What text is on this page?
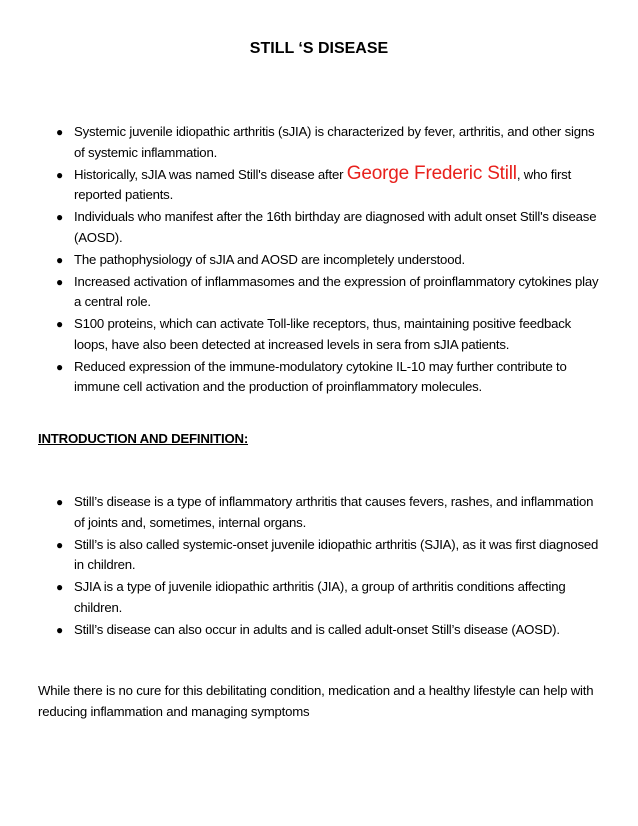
STILL ‘S DISEASE
● Systemic juvenile idiopathic arthritis (sJIA) is characterized by fever, arthritis, and other signs of systemic inflammation.
● Historically, sJIA was named Still's disease after George Frederic Still, who first reported patients.
● Individuals who manifest after the 16th birthday are diagnosed with adult onset Still's disease (AOSD).
● The pathophysiology of sJIA and AOSD are incompletely understood.
● Increased activation of inflammasomes and the expression of proinflammatory cytokines play a central role.
● S100 proteins, which can activate Toll-like receptors, thus, maintaining positive feedback loops, have also been detected at increased levels in sera from sJIA patients.
● Reduced expression of the immune-modulatory cytokine IL-10 may further contribute to immune cell activation and the production of proinflammatory molecules.
INTRODUCTION AND DEFINITION:
● Still’s disease is a type of inflammatory arthritis that causes fevers, rashes, and inflammation of joints and, sometimes, internal organs.
● Still’s is also called systemic-onset juvenile idiopathic arthritis (SJIA), as it was first diagnosed in children.
● SJIA is a type of juvenile idiopathic arthritis (JIA), a group of arthritis conditions affecting children.
● Still’s disease can also occur in adults and is called adult-onset Still’s disease (AOSD).
While there is no cure for this debilitating condition, medication and a healthy lifestyle can help with reducing inflammation and managing symptoms
